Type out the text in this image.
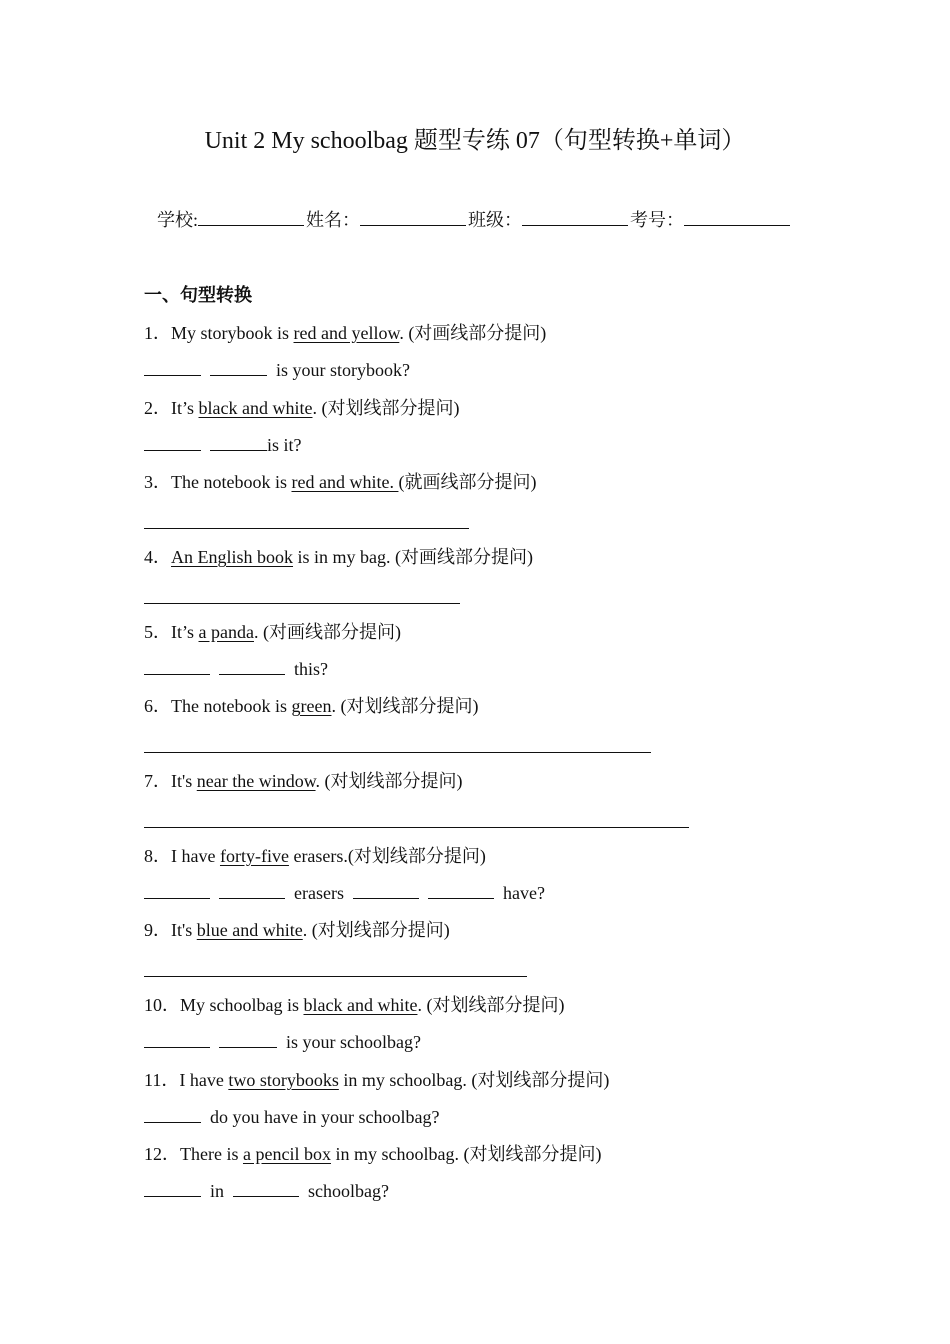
Unit 2 My schoolbag 题型专练 07（句型转换+单词）
学校:	姓名：	班级：	考号：
一、句型转换
1．My storybook is red and yellow. (对画线部分提问)
is your storybook?
2．It’s black and white. (对划线部分提问)
is it?
3．The notebook is red and white. (就画线部分提问)
4．An English book is in my bag. (对画线部分提问)
5．It’s a panda. (对画线部分提问)
this?
6．The notebook is green. (对划线部分提问)
7．It's near the window. (对划线部分提问)
8．I have forty-five erasers.(对划线部分提问)
erasers	have?
9．It's blue and white. (对划线部分提问)
10．My schoolbag is black and white. (对划线部分提问)
is your schoolbag?
11．I have two storybooks in my schoolbag. (对划线部分提问)
do you have in your schoolbag?
12．There is a pencil box in my schoolbag. (对划线部分提问)
in	schoolbag?
